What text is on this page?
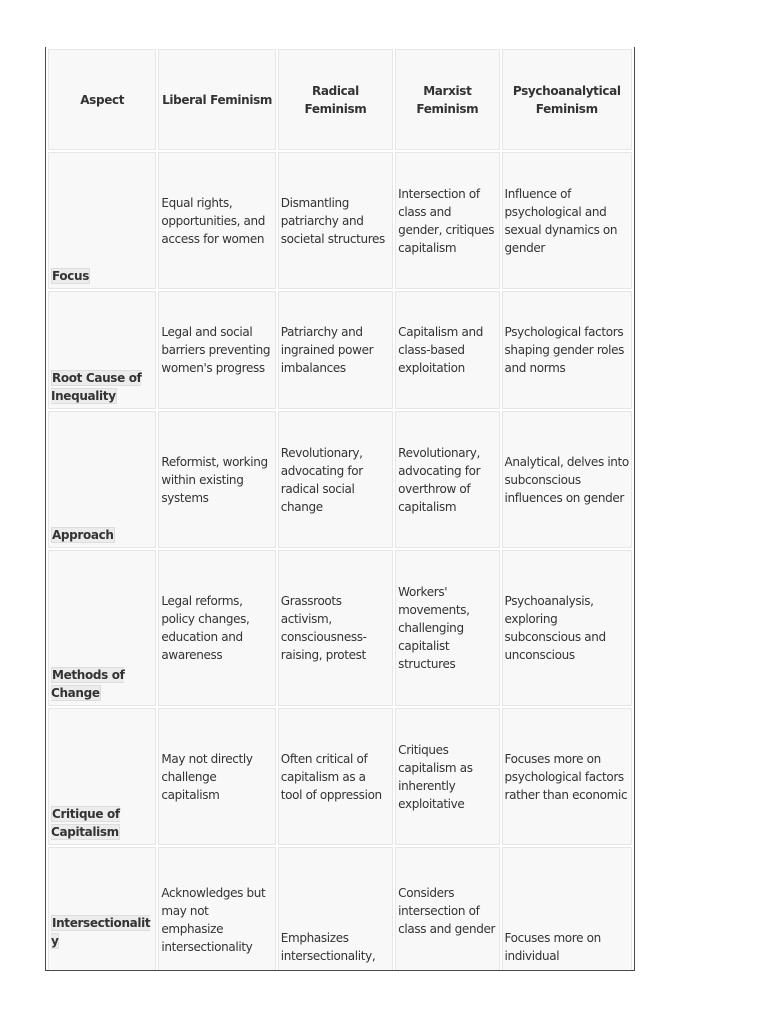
Aspect	Liberal Feminism	Radical Feminism	Marxist Feminism	Psychoanalytical Feminism
Focus	Equal rights, opportunities, and access for women	Dismantling patriarchy and societal structures	Intersection of class and gender, critiques capitalism	Influence of psychological and sexual dynamics on gender
Root Cause of Inequality	Legal and social barriers preventing women's progress	Patriarchy and ingrained power imbalances	Capitalism and class-based exploitation	Psychological factors shaping gender roles and norms
Approach	Reformist, working within existing systems	Revolutionary, advocating for radical social change	Revolutionary, advocating for overthrow of capitalism	Analytical, delves into subconscious influences on gender
Methods of Change	Legal reforms, policy changes, education and awareness	Grassroots activism, consciousness-raising, protest	Workers' movements, challenging capitalist structures	Psychoanalysis, exploring subconscious and unconscious
Critique of Capitalism	May not directly challenge capitalism	Often critical of capitalism as a tool of oppression	Critiques capitalism as inherently exploitative	Focuses more on psychological factors rather than economic
Intersectionality	Acknowledges but may not emphasize intersectionality	Emphasizes intersectionality,	Considers intersection of class and gender	Focuses more on individual
